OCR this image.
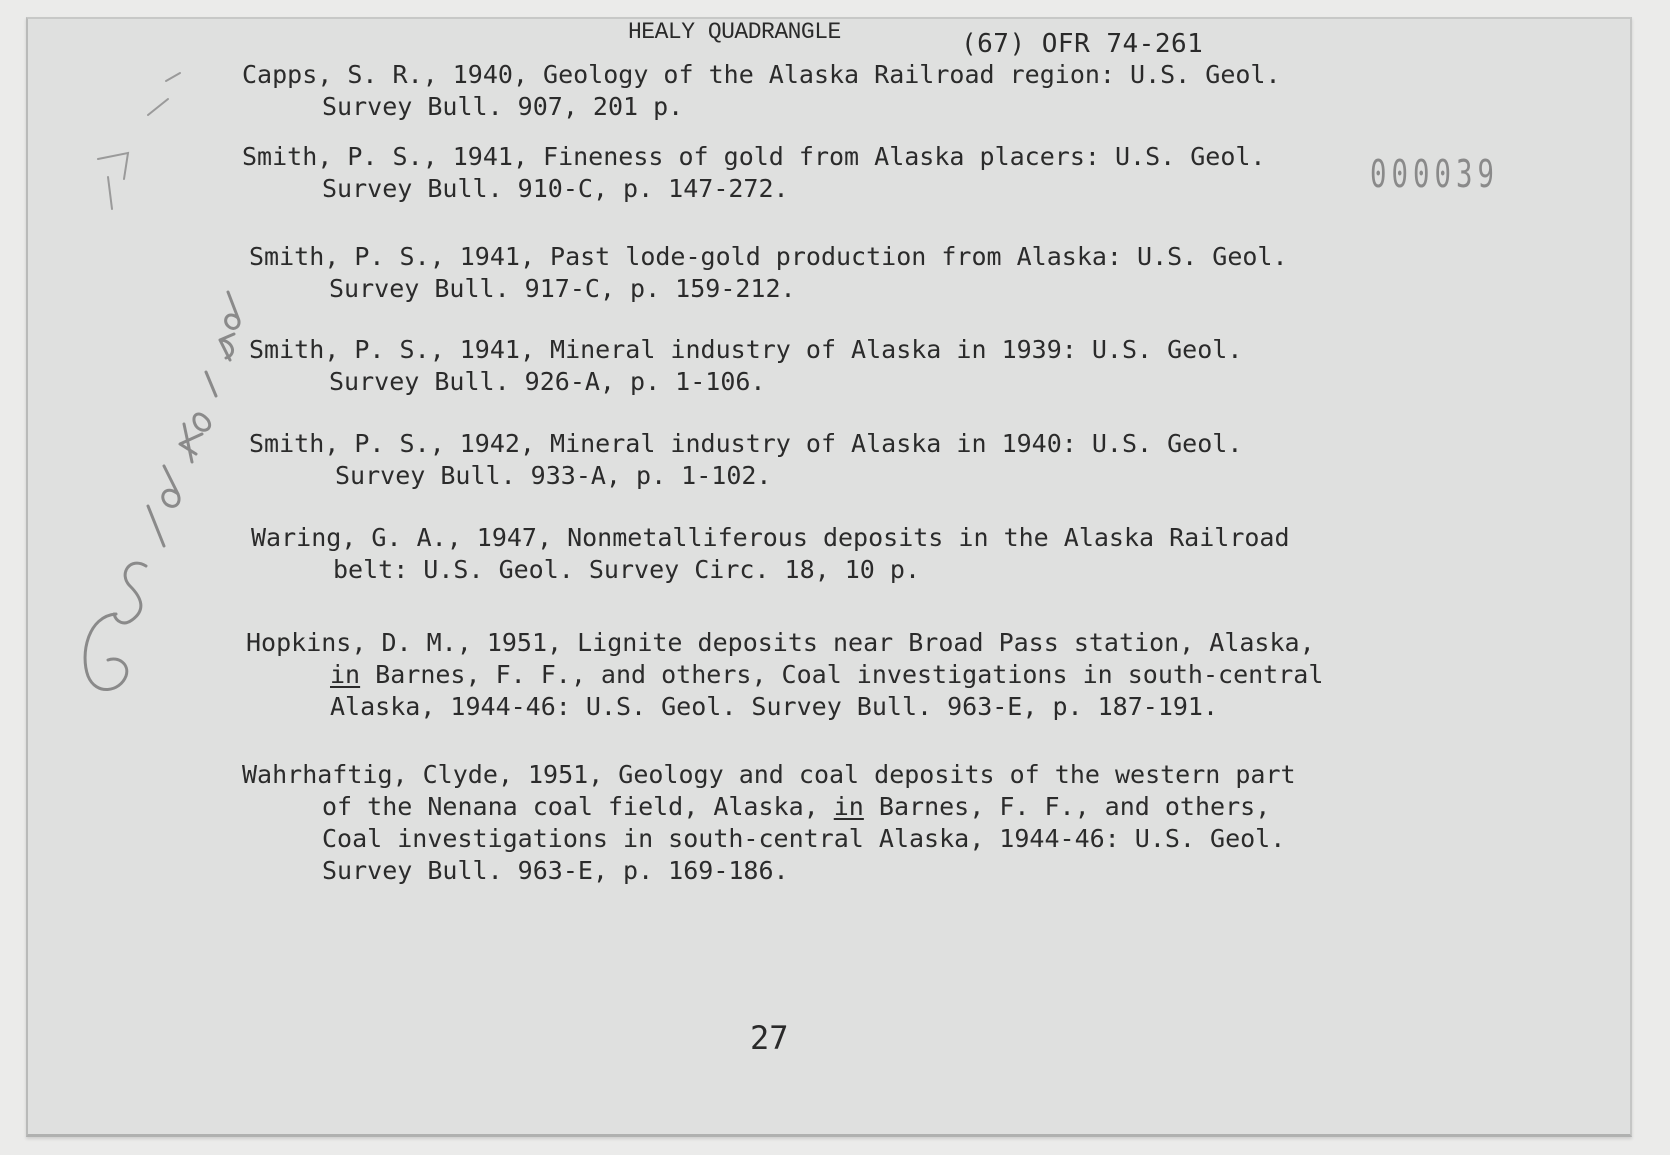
HEALY QUADRANGLE	(67) OFR 74-261
000039
Capps, S. R., 1940, Geology of the Alaska Railroad region: U.S. Geol.
Survey Bull. 907, 201 p.
Smith, P. S., 1941, Fineness of gold from Alaska placers: U.S. Geol.
Survey Bull. 910-C, p. 147-272.
Smith, P. S., 1941, Past lode-gold production from Alaska: U.S. Geol.
Survey Bull. 917-C, p. 159-212.
Smith, P. S., 1941, Mineral industry of Alaska in 1939: U.S. Geol.
Survey Bull. 926-A, p. 1-106.
Smith, P. S., 1942, Mineral industry of Alaska in 1940: U.S. Geol.
Survey Bull. 933-A, p. 1-102.
Waring, G. A., 1947, Nonmetalliferous deposits in the Alaska Railroad
belt: U.S. Geol. Survey Circ. 18, 10 p.
Hopkins, D. M., 1951, Lignite deposits near Broad Pass station, Alaska,
in Barnes, F. F., and others, Coal investigations in south-central
Alaska, 1944-46: U.S. Geol. Survey Bull. 963-E, p. 187-191.
Wahrhaftig, Clyde, 1951, Geology and coal deposits of the western part
of the Nenana coal field, Alaska, in Barnes, F. F., and others,
Coal investigations in south-central Alaska, 1944-46: U.S. Geol.
Survey Bull. 963-E, p. 169-186.
27
